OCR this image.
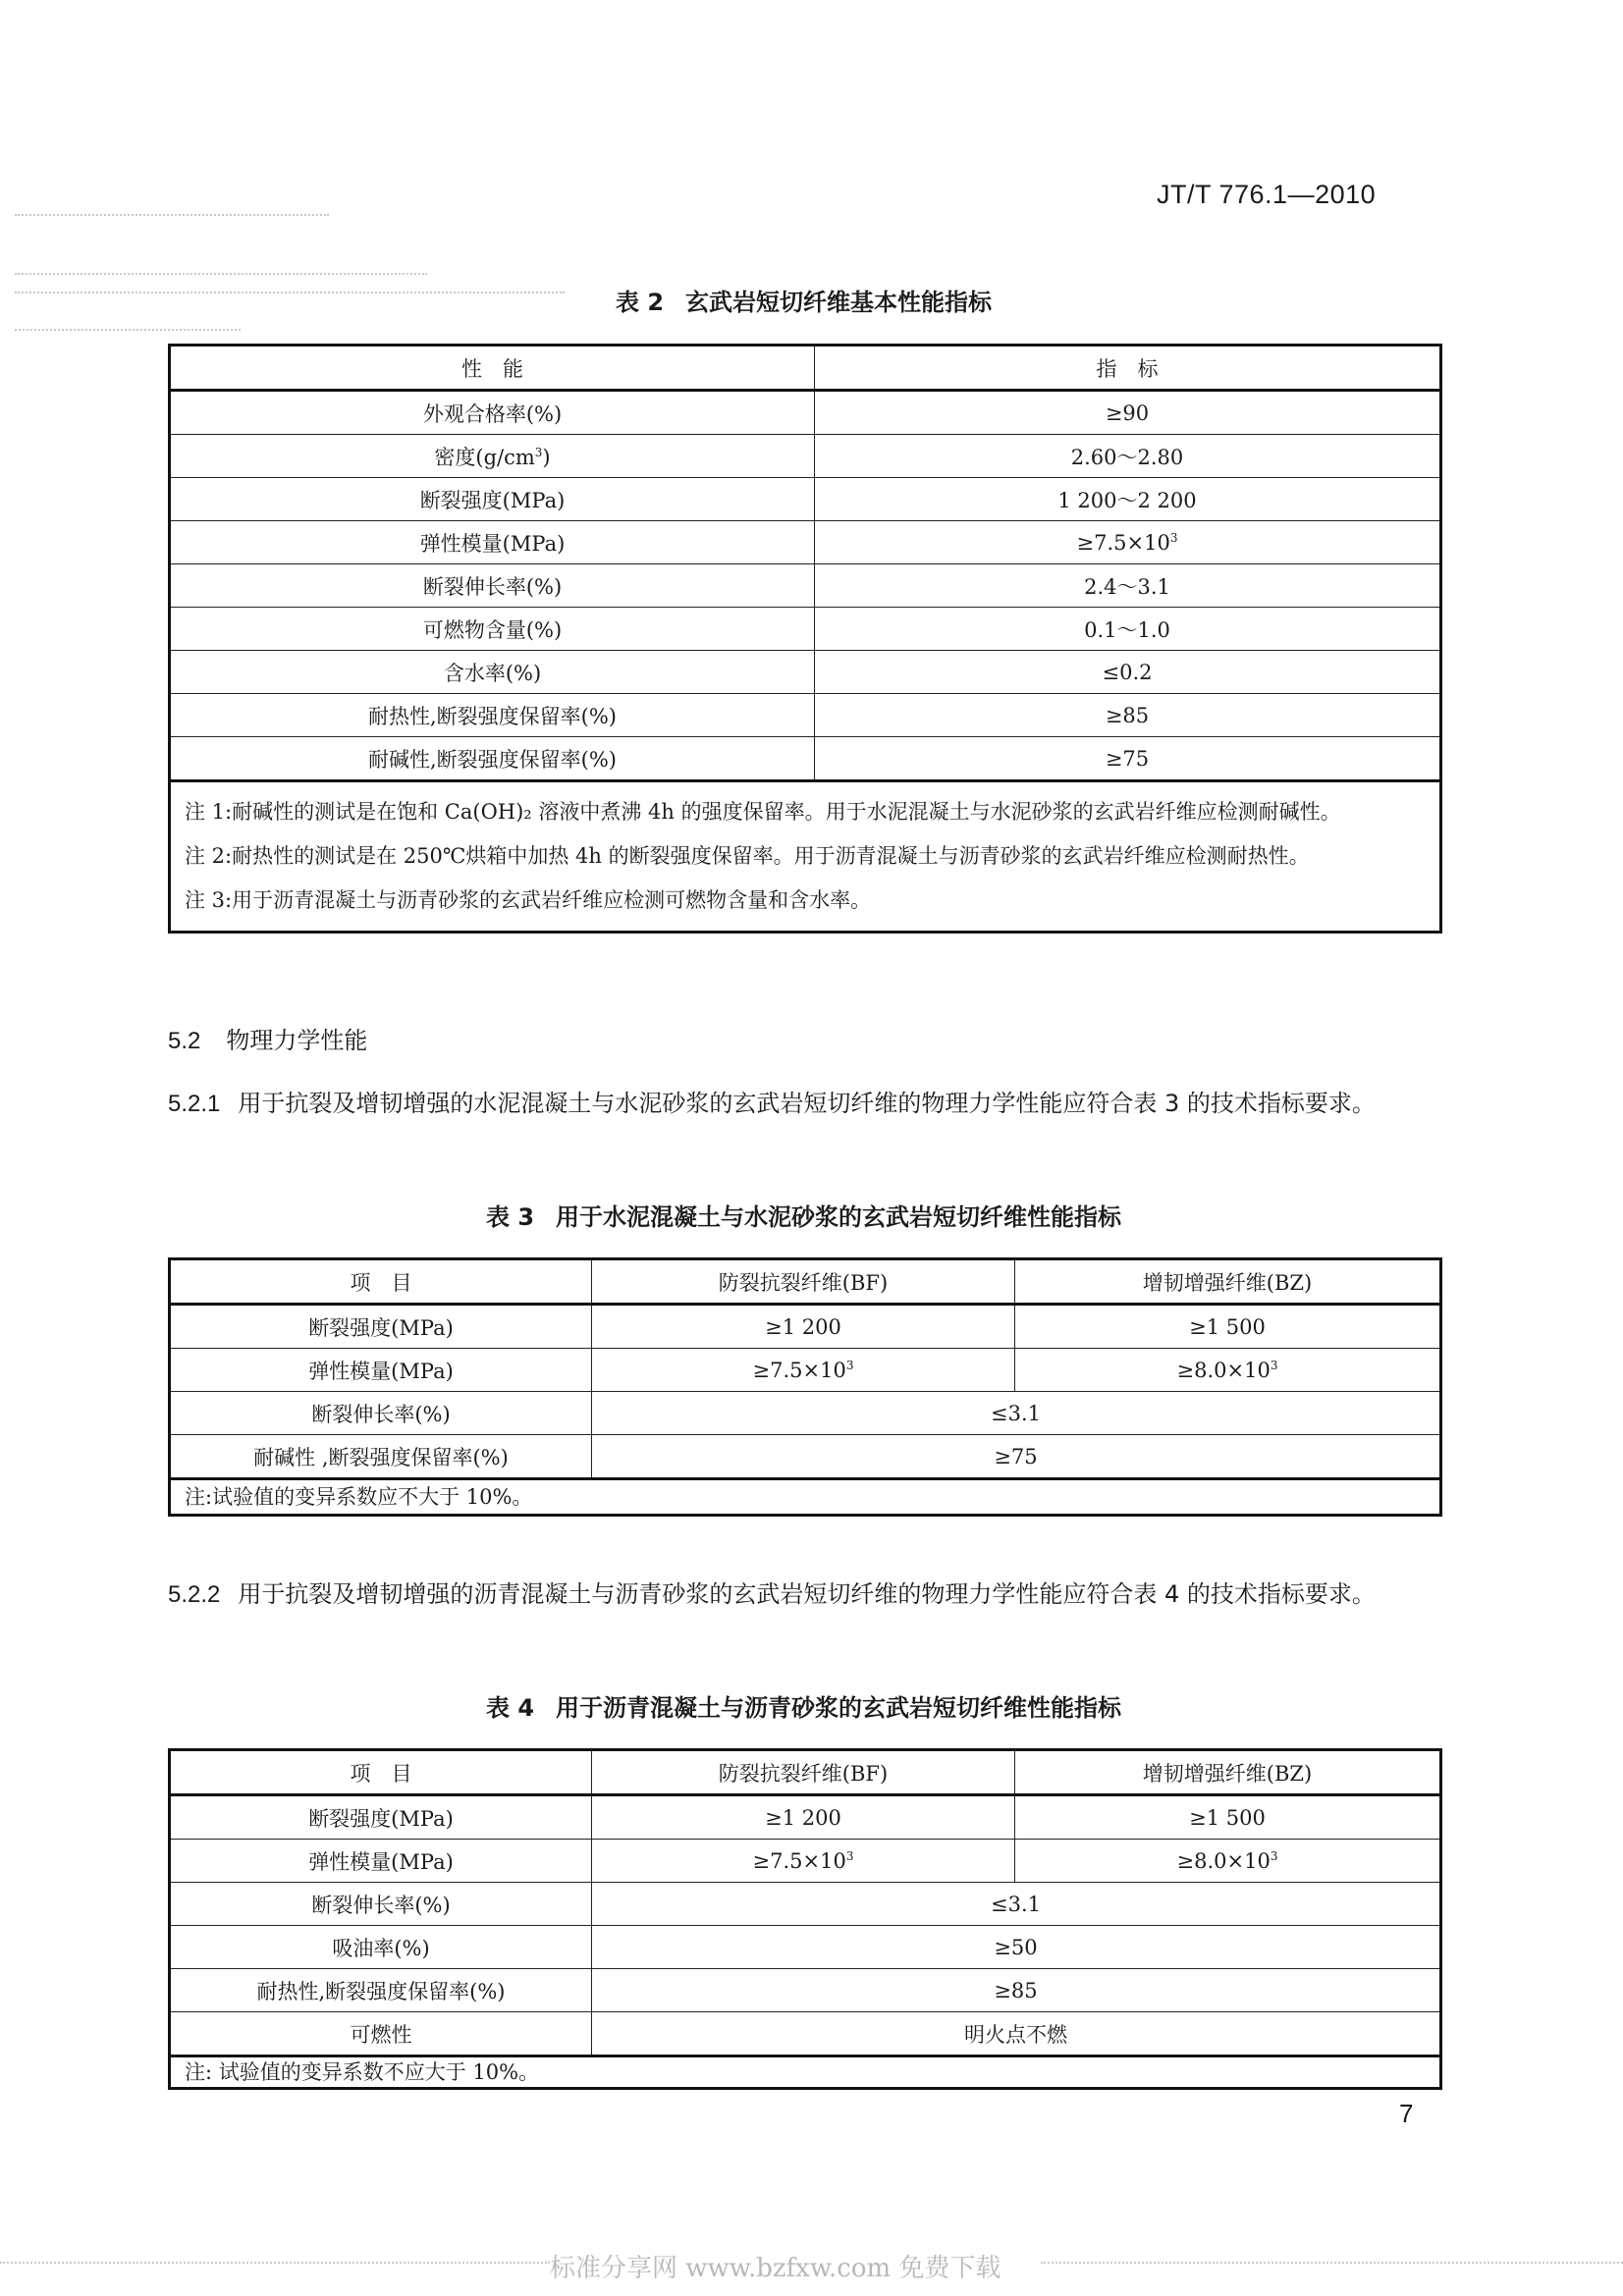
JT/T 776.1—2010
表 2 玄武岩短切纤维基本性能指标
性　能	指　标
外观合格率(%)	≥90
密度$(g/cm^3)$	2.60～2.80
断裂强度(MPa)	1 200～2 200
弹性模量(MPa)	$\ge 7.5\times 10^3$
断裂伸长率(%)	2.4～3.1
可燃物含量(%)	0.1～1.0
含水率(%)	≤0.2
耐热性,断裂强度保留率(%)	≥85
耐碱性,断裂强度保留率(%)	≥75

注 1:耐碱性的测试是在饱和 Ca(OH)₂ 溶液中煮沸 4h 的强度保留率。用于水泥混凝土与水泥砂浆的玄武岩纤维应检测耐碱性。
注 2:耐热性的测试是在 250℃烘箱中加热 4h 的断裂强度保留率。用于沥青混凝土与沥青砂浆的玄武岩纤维应检测耐热性。
注 3:用于沥青混凝土与沥青砂浆的玄武岩纤维应检测可燃物含量和含水率。	
5.2 物理力学性能
5.2.1 用于抗裂及增韧增强的水泥混凝土与水泥砂浆的玄武岩短切纤维的物理力学性能应符合表 3 的技术指标要求。
表 3 用于水泥混凝土与水泥砂浆的玄武岩短切纤维性能指标
项　目	防裂抗裂纤维(BF)	增韧增强纤维(BZ)
断裂强度(MPa)	≥1 200	≥1 500
弹性模量(MPa)	$\ge 7.5\times 10^3$	$\ge 8.0\times 10^3$
断裂伸长率(%)	≤3.1	
耐碱性 ,断裂强度保留率(%)	≥75	
注:试验值的变异系数应不大于 10%。		
5.2.2 用于抗裂及增韧增强的沥青混凝土与沥青砂浆的玄武岩短切纤维的物理力学性能应符合表 4 的技术指标要求。
表 4 用于沥青混凝土与沥青砂浆的玄武岩短切纤维性能指标
项　目	防裂抗裂纤维(BF)	增韧增强纤维(BZ)
断裂强度(MPa)	≥1 200	≥1 500
弹性模量(MPa)	$\ge 7.5\times 10^3$	$\ge 8.0\times 10^3$
断裂伸长率(%)	≤3.1	
吸油率(%)	≥50	
耐热性,断裂强度保留率(%)	≥85	
可燃性	明火点不燃	
注: 试验值的变异系数不应大于 10%。		
7
标准分享网 www.bzfxw.com 免费下载
